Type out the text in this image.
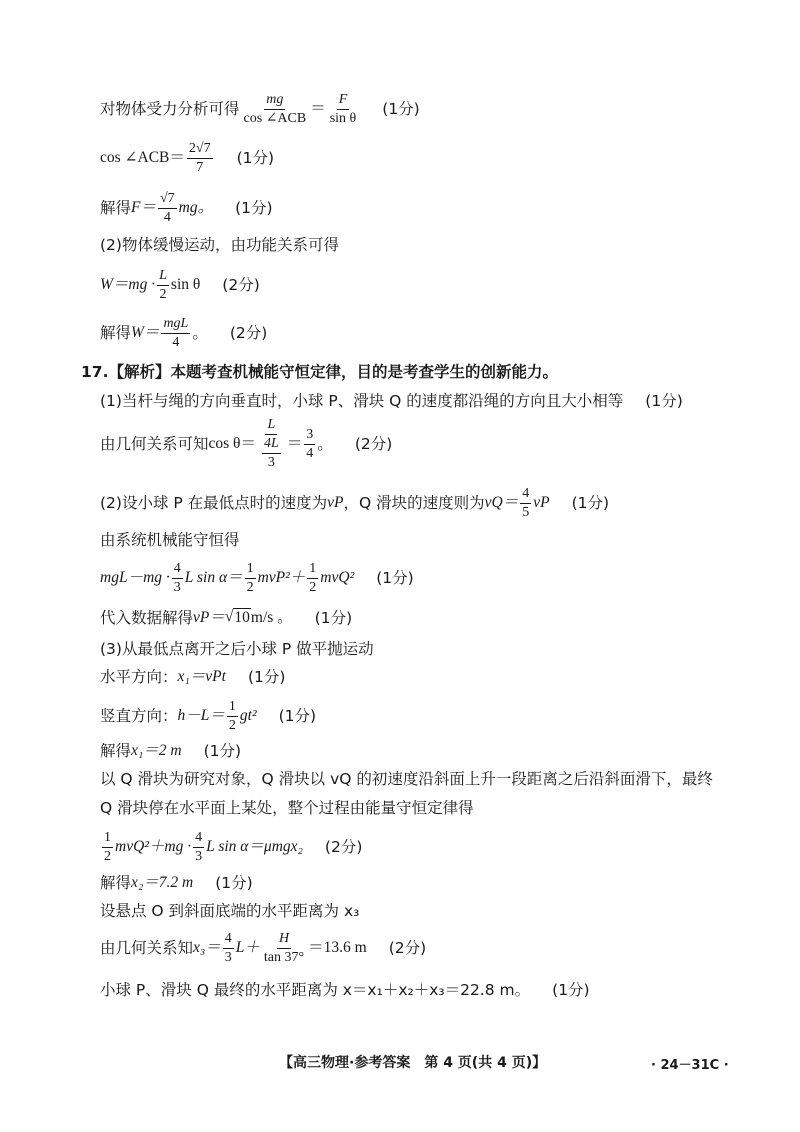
对物体受力分析可得 $\frac{mg}{\text{cos ∠ACB}} = \frac{F}{\text{sin θ}} (1$分)
cos ∠ACB＝ $\frac{2√7}{7} (1$分)
解得 $F= \frac{√7}{4}$ mg。 (1分)
(2)物体缓慢运动，由功能关系可得
$W=mg \cdot \frac{L}{2}$ sin θ (2分)
解得 $W= \frac{\text{mgL}}{4}$ 。 (2分)
17.【解析】本题考查机械能守恒定律，目的是考查学生的创新能力。
(1)当杆与绳的方向垂直时，小球 P、滑块 Q 的速度都沿绳的方向且大小相等 (1分)
由几何关系可知 $\cos \theta= \frac{L}{\frac{4L}{3}} = \frac{3}{4}$ 。 (2分)
(2)设小球 P 在最低点时的速度为 vP ，Q 滑块的速度则为 $vQ= \frac{4}{5}$ vP (1分)
由系统机械能守恒得
$mgL-mg \cdot \frac{4}{3}$ L $\sin \alpha= \frac{1}{2} mvP^2+ \frac{1}{2} mvQ^2$ (1分)
代入数据解得 vP＝ √ 10 m/s 。 (1分)
(3)从最低点离开之后小球 P 做平抛运动
水平方向： x₁＝vPt (1分)
竖直方向： $h-L= \frac{1}{2} gt^2$ (1分)
解得 x₁＝2 m (1分)
以 Q 滑块为研究对象，Q 滑块以 vQ 的初速度沿斜面上升一段距离之后沿斜面滑下，最终
Q 滑块停在水平面上某处，整个过程由能量守恒定律得
$\frac{1}{2} mvQ^2+mg \cdot \frac{4}{3}$ L sin α＝μmgx₂ (2分)
解得 x₂＝7.2 m (1分)
设悬点 O 到斜面底端的水平距离为 x₃
由几何关系知 $x_3= \frac{4}{3} L+ \frac{H}{\tan 37^\circ} =13.6$ m (2分)
小球 P、滑块 Q 最终的水平距离为 x＝x₁＋x₂＋x₃＝22.8 m。 (1分)
【高三物理·参考答案　第 4 页(共 4 页)】	· 24－31C ·
